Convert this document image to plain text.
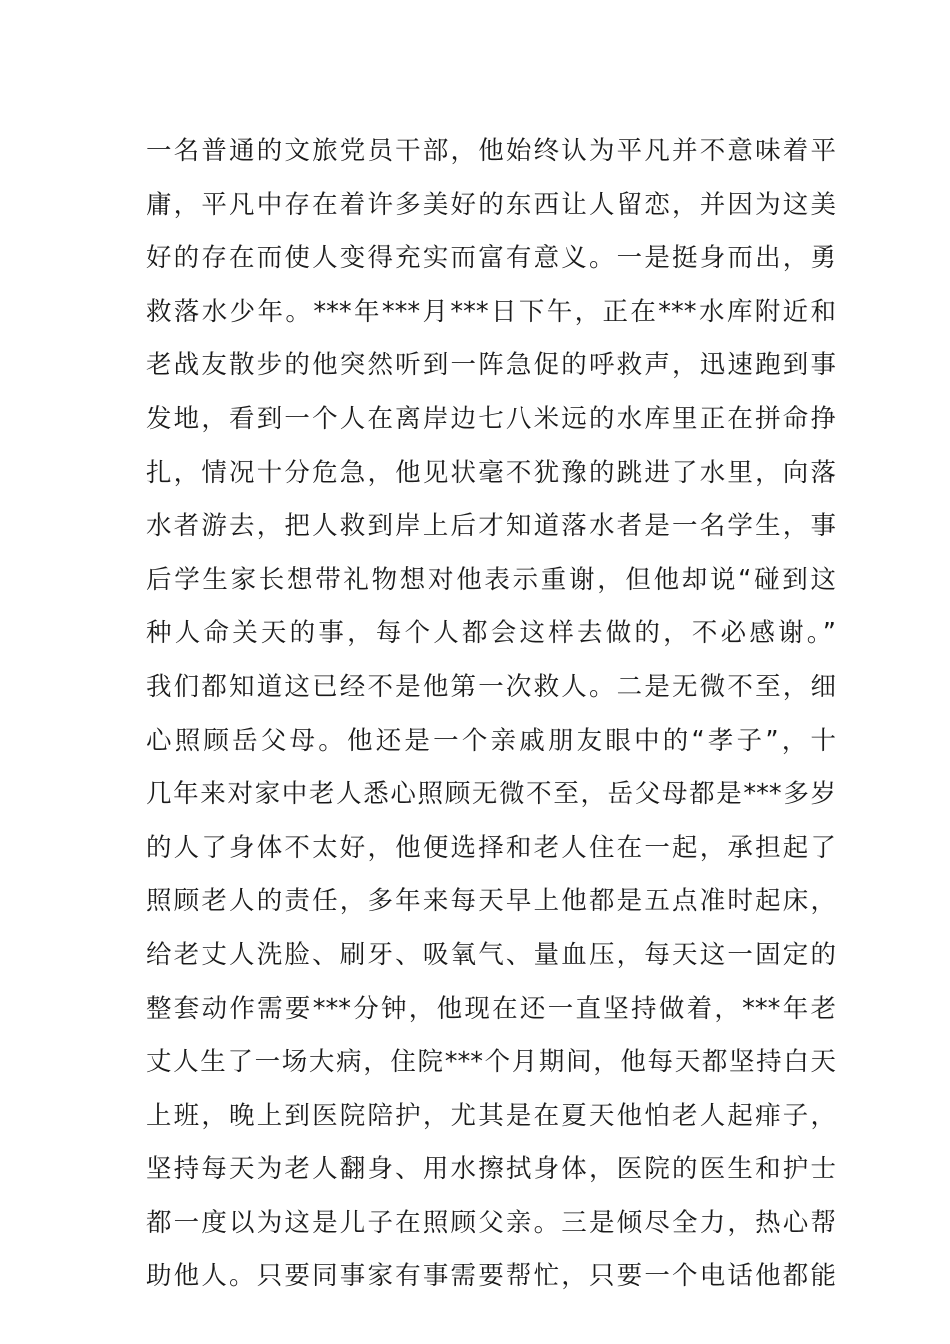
一名普通的文旅党员干部，他始终认为平凡并不意味着平
庸，平凡中存在着许多美好的东西让人留恋，并因为这美
好的存在而使人变得充实而富有意义。一是挺身而出，勇
救落水少年。***年***月***日下午，正在***水库附近和
老战友散步的他突然听到一阵急促的呼救声，迅速跑到事
发地，看到一个人在离岸边七八米远的水库里正在拼命挣
扎，情况十分危急，他见状毫不犹豫的跳进了水里，向落
水者游去，把人救到岸上后才知道落水者是一名学生，事
后学生家长想带礼物想对他表示重谢，但他却说“碰到这
种人命关天的事，每个人都会这样去做的，不必感谢。”
我们都知道这已经不是他第一次救人。二是无微不至，细
心照顾岳父母。他还是一个亲戚朋友眼中的“孝子”，十
几年来对家中老人悉心照顾无微不至，岳父母都是***多岁
的人了身体不太好，他便选择和老人住在一起，承担起了
照顾老人的责任，多年来每天早上他都是五点准时起床，
给老丈人洗脸、刷牙、吸氧气、量血压，每天这一固定的
整套动作需要***分钟，他现在还一直坚持做着，***年老
丈人生了一场大病，住院***个月期间，他每天都坚持白天
上班，晚上到医院陪护，尤其是在夏天他怕老人起痱子，
坚持每天为老人翻身、用水擦拭身体，医院的医生和护士
都一度以为这是儿子在照顾父亲。三是倾尽全力，热心帮
助他人。只要同事家有事需要帮忙，只要一个电话他都能
